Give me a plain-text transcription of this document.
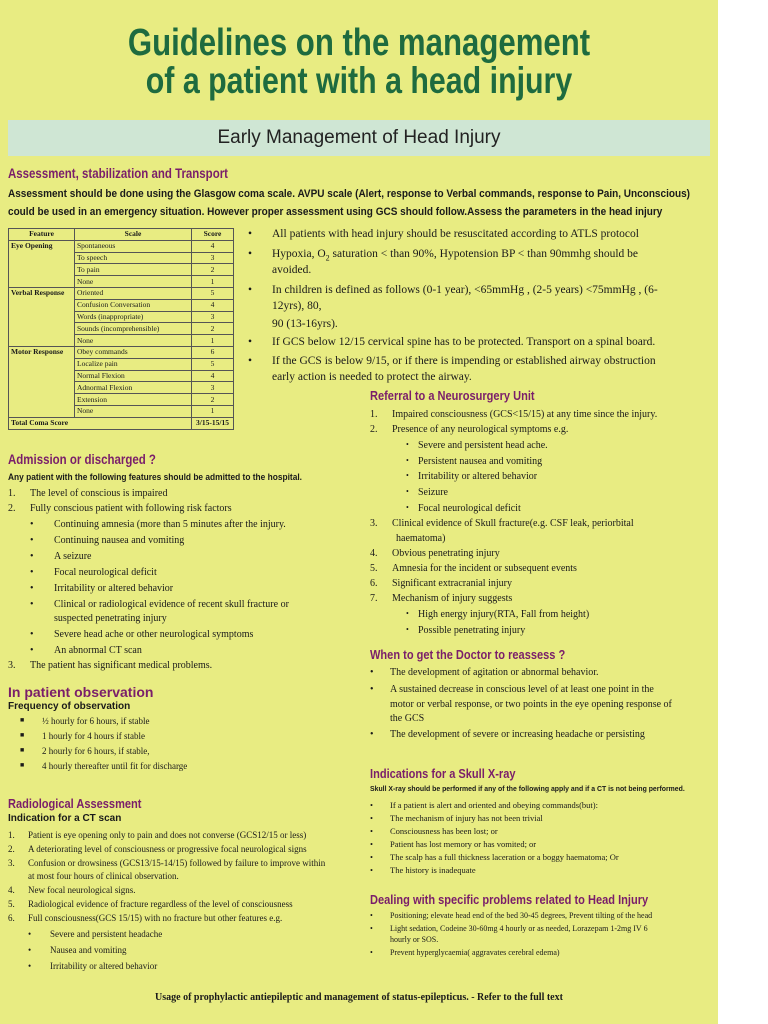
Guidelines on the management
of a patient with a head injury
Early Management of Head Injury
Assessment, stabilization and Transport
Assessment should be done using the Glasgow coma scale. AVPU scale (Alert, response to Verbal commands, response to Pain, Unconscious)
could be used in an emergency situation. However proper assessment using GCS should follow.Assess the parameters in the head injury
Feature	Scale	Score
Eye Opening	Spontaneous	4
	To speech	3
	To pain	2
	None	1
Verbal Response	Oriented	5
	Confusion Conversation	4
	Words (inappropriate)	3
	Sounds (incomprehensible)	2
	None	1
Motor Response	Obey commands	6
	Localize pain	5
	Normal Flexion	4
	Adnormal Flexion	3
	Extension	2
	None	1
Total Coma Score		3/15-15/15
• All patients with head injury should be resuscitated according to ATLS protocol
• Hypoxia, $O_2$ saturation < than 90%, Hypotension BP < than 90mmhg should be
avoided.
• In children is defined as follows (0-1 year), <65mmHg , (2-5 years) <75mmHg , (6-
12yrs), 80,
90 (13-16yrs).
• If GCS below 12/15 cervical spine has to be protected. Transport on a spinal board.
• If the GCS is below 9/15, or if there is impending or established airway obstruction
early action is needed to protect the airway.
Admission or discharged ?
Any patient with the following features should be admitted to the hospital.
1. The level of conscious is impaired
2. Fully conscious patient with following risk factors
• Continuing amnesia (more than 5 minutes after the injury.
• Continuing nausea and vomiting
• A seizure
• Focal neurological deficit
• Irritability or altered behavior
• Clinical or radiological evidence of recent skull fracture or
suspected penetrating injury
• Severe head ache or other neurological symptoms
• An abnormal CT scan
3. The patient has significant medical problems.
In patient observation
Frequency of observation
■ ½ hourly for 6 hours, if stable
■ 1 hourly for 4 hours if stable
■ 2 hourly for 6 hours, if stable,
■ 4 hourly thereafter until fit for discharge
Radiological Assessment
Indication for a CT scan
1. Patient is eye opening only to pain and does not converse (GCS12/15 or less)
2. A deteriorating level of consciousness or progressive focal neurological signs
3. Confusion or drowsiness (GCS13/15-14/15) followed by failure to improve within
at most four hours of clinical observation.
4. New focal neurological signs.
5. Radiological evidence of fracture regardless of the level of consciousness
6. Full consciousness(GCS 15/15) with no fracture but other features e.g.
• Severe and persistent headache
• Nausea and vomiting
• Irritability or altered behavior
Referral to a Neurosurgery Unit
1. Impaired consciousness (GCS<15/15) at any time since the injury.
2. Presence of any neurological symptoms e.g.
• Severe and persistent head ache.
• Persistent nausea and vomiting
• Irritability or altered behavior
• Seizure
• Focal neurological deficit
3. Clinical evidence of Skull fracture(e.g. CSF leak, periorbital
haematoma)
4. Obvious penetrating injury
5. Amnesia for the incident or subsequent events
6. Significant extracranial injury
7. Mechanism of injury suggests
• High energy injury(RTA, Fall from height)
• Possible penetrating injury
When to get the Doctor to reassess ?
• The development of agitation or abnormal behavior.
• A sustained decrease in conscious level of at least one point in the
motor or verbal response, or two points in the eye opening response of
the GCS
• The development of severe or increasing headache or persisting
Indications for a Skull X-ray
Skull X-ray should be performed if any of the following apply and if a CT is not being performed.
• If a patient is alert and oriented and obeying commands(but):
• The mechanism of injury has not been trivial
• Consciousness has been lost; or
• Patient has lost memory or has vomited; or
• The scalp has a full thickness laceration or a boggy haematoma; Or
• The history is inadequate
Dealing with specific problems related to Head Injury
• Positioning; elevate head end of the bed 30-45 degrees, Prevent tilting of the head
• Light sedation, Codeine 30-60mg 4 hourly or as needed, Lorazepam 1-2mg IV 6
hourly or SOS.
• Prevent hyperglycaemia( aggravates cerebral edema)
Usage of prophylactic antiepileptic and management of status-epilepticus. - Refer to the full text
